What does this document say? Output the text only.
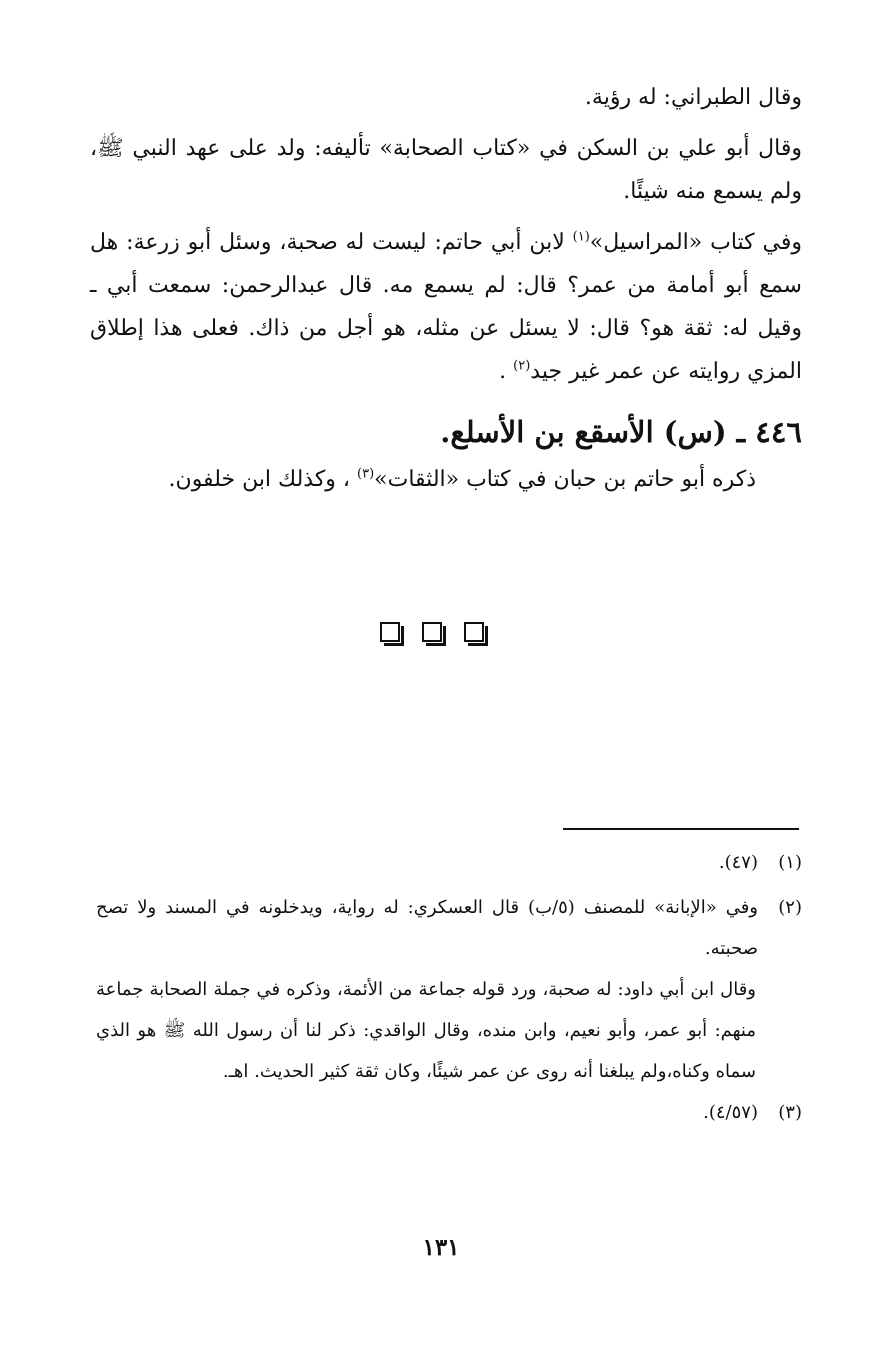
وقال الطبراني: له رؤية.

وقال أبو علي بن السكن في «كتاب الصحابة» تأليفه: ولد على عهد النبي ﷺ، ولم يسمع منه شيئًا.

وفي كتاب «المراسيل»$^{(١)}$ لابن أبي حاتم: ليست له صحبة، وسئل أبو زرعة: هل سمع أبو أمامة من عمر؟ قال: لم يسمع مه. قال عبدالرحمن: سمعت أبي ـ وقيل له: ثقة هو؟ قال: لا يسئل عن مثله، هو أجل من ذاك. فعلى هذا إطلاق المزي روايته عن عمر غير جيد$^{(٢)}$ .

٤٤٦ ـ (س) الأسقع بن الأسلع.

ذكره أبو حاتم بن حبان في كتاب «الثقات»$^{(٣)}$ ، وكذلك ابن خلفون.

(١)(٤٧).

(٢)
وفي «الإبانة» للمصنف (٥/ب) قال العسكري: له رواية، ويدخلونه في المسند ولا تصح صحبته.

وقال ابن أبي داود: له صحبة، ورد قوله جماعة من الأئمة، وذكره في جملة الصحابة جماعة منهم: أبو عمر، وأبو نعيم، وابن منده، وقال الواقدي: ذكر لنا أن رسول الله ﷺ هو الذي سماه وكناه،ولم يبلغنا أنه روى عن عمر شيئًا، وكان ثقة كثير الحديث. اهـ.

(٣)(٤/٥٧).

١٣١
